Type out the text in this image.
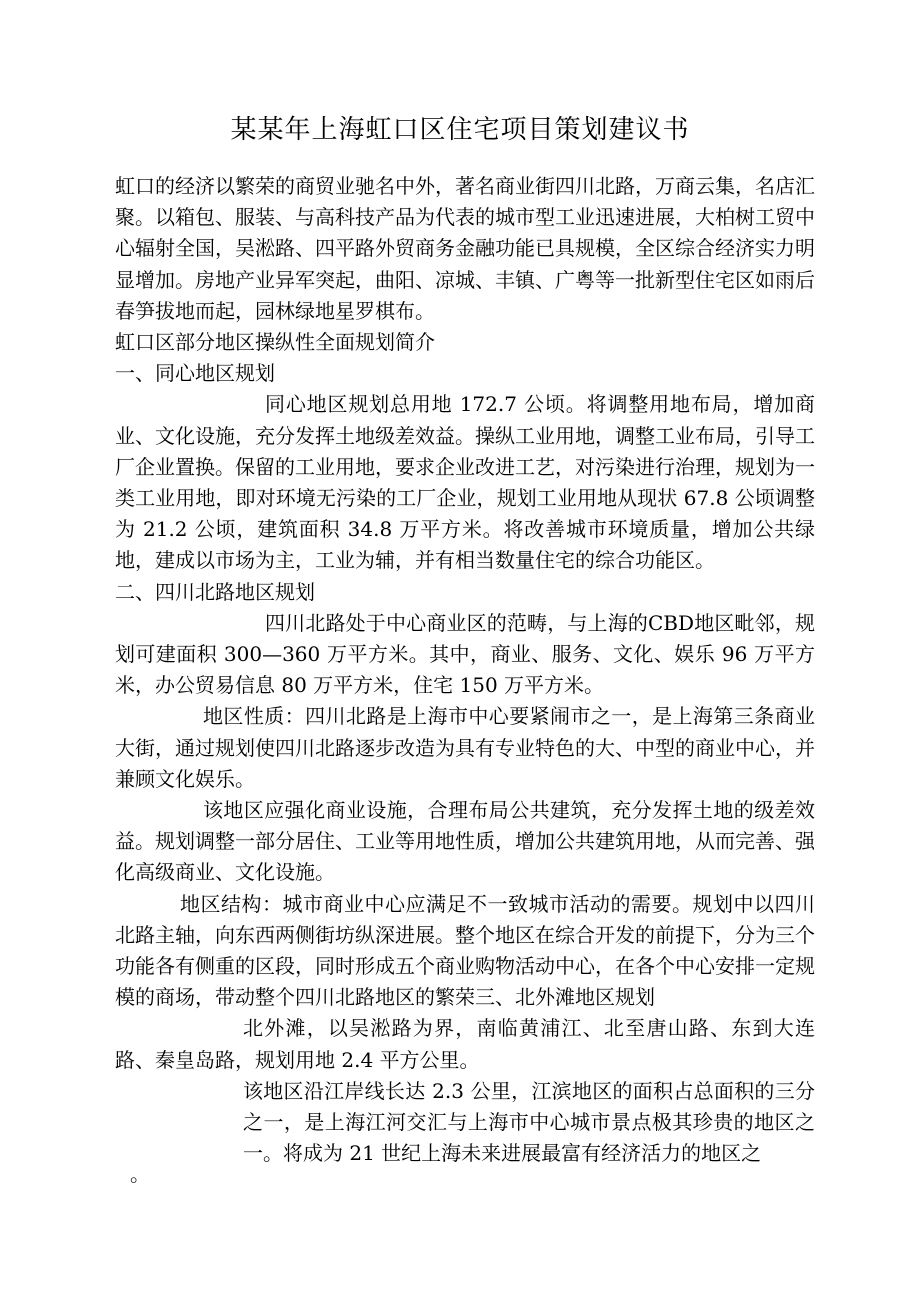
某某年上海虹口区住宅项目策划建议书

虹口的经济以繁荣的商贸业驰名中外，著名商业街四川北路，万商云集，名店汇聚。以箱包、服装、与高科技产品为代表的城市型工业迅速进展，大柏树工贸中心辐射全国，吴淞路、四平路外贸商务金融功能已具规模，全区综合经济实力明显增加。房地产业异军突起，曲阳、凉城、丰镇、广粤等一批新型住宅区如雨后春笋拔地而起，园林绿地星罗棋布。

虹口区部分地区操纵性全面规划简介

一、同心地区规划

同心地区规划总用地 172.7 公顷。将调整用地布局，增加商业、文化设施，充分发挥土地级差效益。操纵工业用地，调整工业布局，引导工厂企业置换。保留的工业用地，要求企业改进工艺，对污染进行治理，规划为一类工业用地，即对环境无污染的工厂企业，规划工业用地从现状 67.8 公顷调整为 21.2 公顷，建筑面积 34.8 万平方米。将改善城市环境质量，增加公共绿地，建成以市场为主，工业为辅，并有相当数量住宅的综合功能区。

二、四川北路地区规划

四川北路处于中心商业区的范畴，与上海的CBD地区毗邻，规划可建面积 300—360 万平方米。其中，商业、服务、文化、娱乐 96 万平方米，办公贸易信息 80 万平方米，住宅 150 万平方米。

地区性质：四川北路是上海市中心要紧闹市之一，是上海第三条商业大街，通过规划使四川北路逐步改造为具有专业特色的大、中型的商业中心，并兼顾文化娱乐。

该地区应强化商业设施，合理布局公共建筑，充分发挥土地的级差效益。规划调整一部分居住、工业等用地性质，增加公共建筑用地，从而完善、强化高级商业、文化设施。

地区结构：城市商业中心应满足不一致城市活动的需要。规划中以四川北路主轴，向东西两侧街坊纵深进展。整个地区在综合开发的前提下，分为三个功能各有侧重的区段，同时形成五个商业购物活动中心，在各个中心安排一定规模的商场，带动整个四川北路地区的繁荣三、北外滩地区规划

北外滩，以吴淞路为界，南临黄浦江、北至唐山路、东到大连路、秦皇岛路，规划用地 2.4 平方公里。

该地区沿江岸线长达 2.3 公里，江滨地区的面积占总面积的三分之一，是上海江河交汇与上海市中心城市景点极其珍贵的地区之一。将成为 21 世纪上海未来进展最富有经济活力的地区之

。
